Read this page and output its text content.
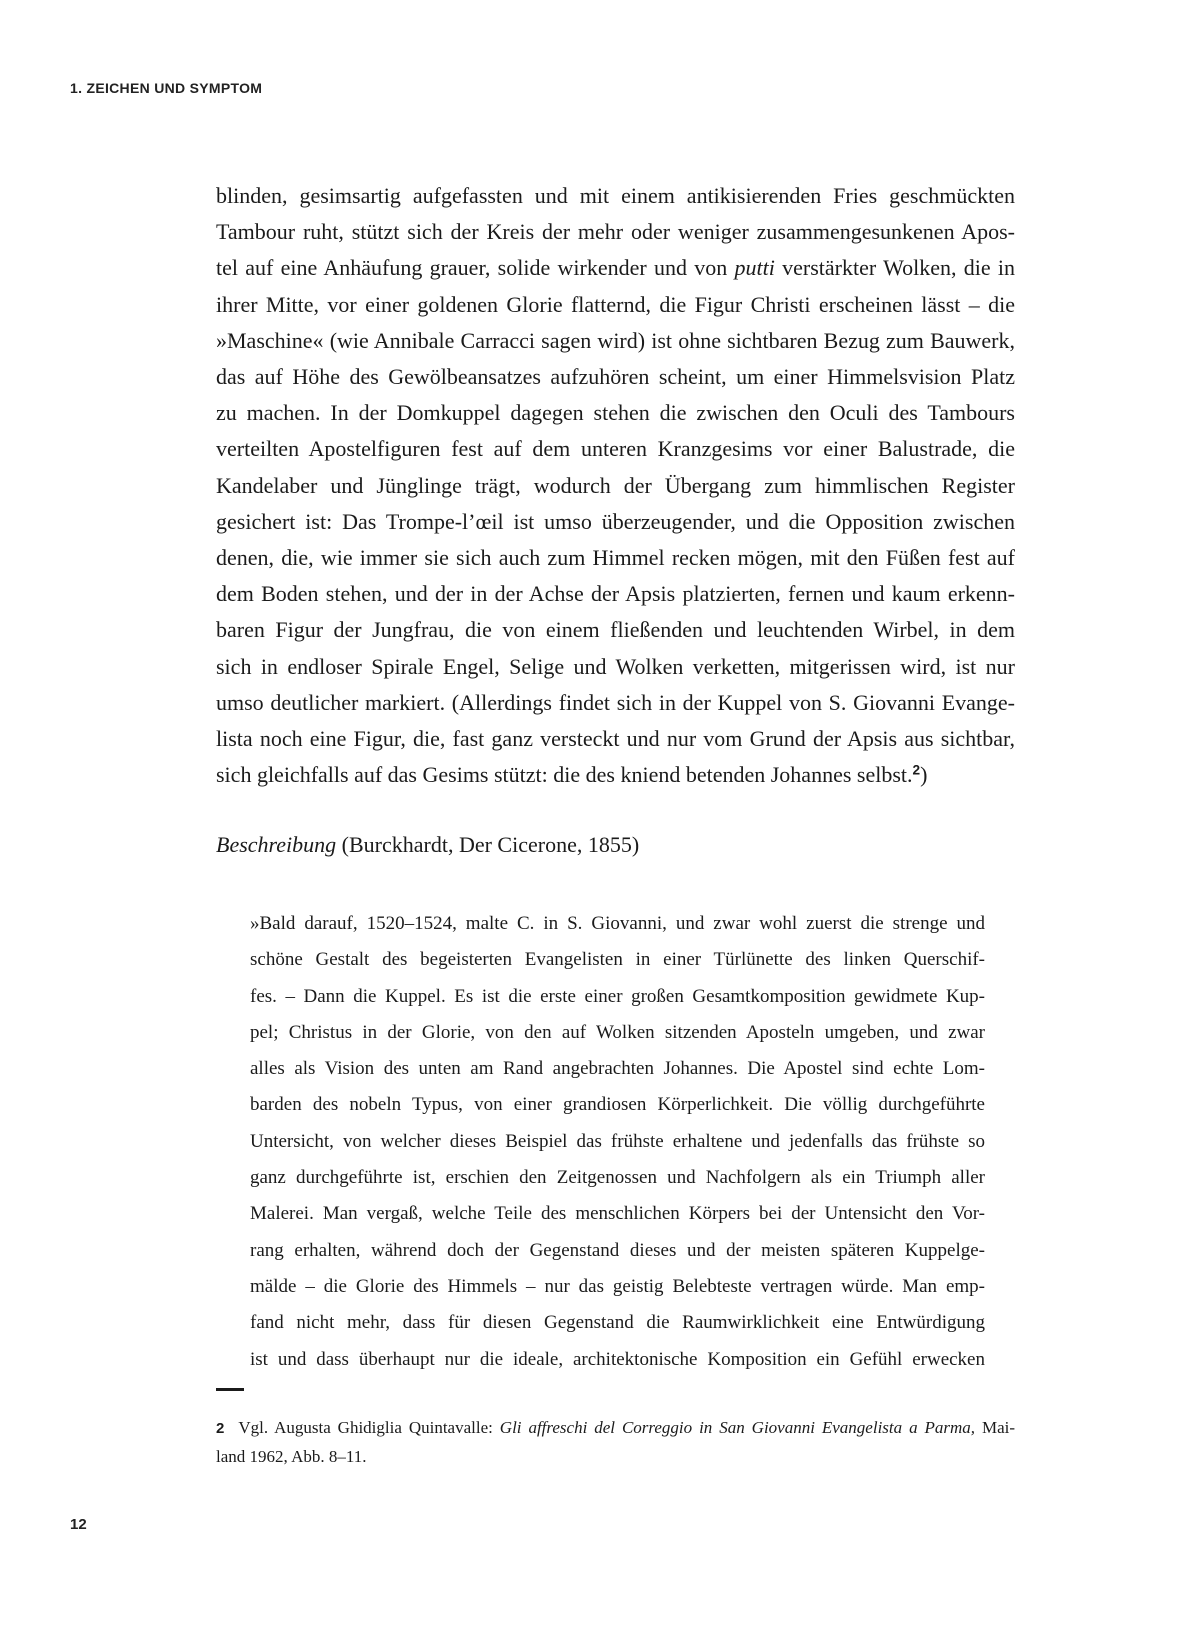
1. ZEICHEN UND SYMPTOM
blinden, gesimsartig aufgefassten und mit einem antikisierenden Fries geschmückten
Tambour ruht, stützt sich der Kreis der mehr oder weniger zusammengesunkenen Apos-
tel auf eine Anhäufung grauer, solide wirkender und von putti verstärkter Wolken, die in
ihrer Mitte, vor einer goldenen Glorie flatternd, die Figur Christi erscheinen lässt – die
»Maschine« (wie Annibale Carracci sagen wird) ist ohne sichtbaren Bezug zum Bauwerk,
das auf Höhe des Gewölbeansatzes aufzuhören scheint, um einer Himmelsvision Platz
zu machen. In der Domkuppel dagegen stehen die zwischen den Oculi des Tambours
verteilten Apostelfiguren fest auf dem unteren Kranzgesims vor einer Balustrade, die
Kandelaber und Jünglinge trägt, wodurch der Übergang zum himmlischen Register
gesichert ist: Das Trompe-l’œil ist umso überzeugender, und die Opposition zwischen
denen, die, wie immer sie sich auch zum Himmel recken mögen, mit den Füßen fest auf
dem Boden stehen, und der in der Achse der Apsis platzierten, fernen und kaum erkenn-
baren Figur der Jungfrau, die von einem fließenden und leuchtenden Wirbel, in dem
sich in endloser Spirale Engel, Selige und Wolken verketten, mitgerissen wird, ist nur
umso deutlicher markiert. (Allerdings findet sich in der Kuppel von S. Giovanni Evange-
lista noch eine Figur, die, fast ganz versteckt und nur vom Grund der Apsis aus sichtbar,
sich gleichfalls auf das Gesims stützt: die des kniend betenden Johannes selbst.$^2$)
Beschreibung (Burckhardt, Der Cicerone, 1855)
»Bald darauf, 1520–1524, malte C. in S. Giovanni, und zwar wohl zuerst die strenge und
schöne Gestalt des begeisterten Evangelisten in einer Türlünette des linken Querschif-
fes. – Dann die Kuppel. Es ist die erste einer großen Gesamtkomposition gewidmete Kup-
pel; Christus in der Glorie, von den auf Wolken sitzenden Aposteln umgeben, und zwar
alles als Vision des unten am Rand angebrachten Johannes. Die Apostel sind echte Lom-
barden des nobeln Typus, von einer grandiosen Körperlichkeit. Die völlig durchgeführte
Untersicht, von welcher dieses Beispiel das frühste erhaltene und jedenfalls das frühste so
ganz durchgeführte ist, erschien den Zeitgenossen und Nachfolgern als ein Triumph aller
Malerei. Man vergaß, welche Teile des menschlichen Körpers bei der Untensicht den Vor-
rang erhalten, während doch der Gegenstand dieses und der meisten späteren Kuppelge-
mälde – die Glorie des Himmels – nur das geistig Belebteste vertragen würde. Man emp-
fand nicht mehr, dass für diesen Gegenstand die Raumwirklichkeit eine Entwürdigung
ist und dass überhaupt nur die ideale, architektonische Komposition ein Gefühl erwecken
2 Vgl. Augusta Ghidiglia Quintavalle: Gli affreschi del Correggio in San Giovanni Evangelista a Parma, Mai-
land 1962, Abb. 8–11.
12
